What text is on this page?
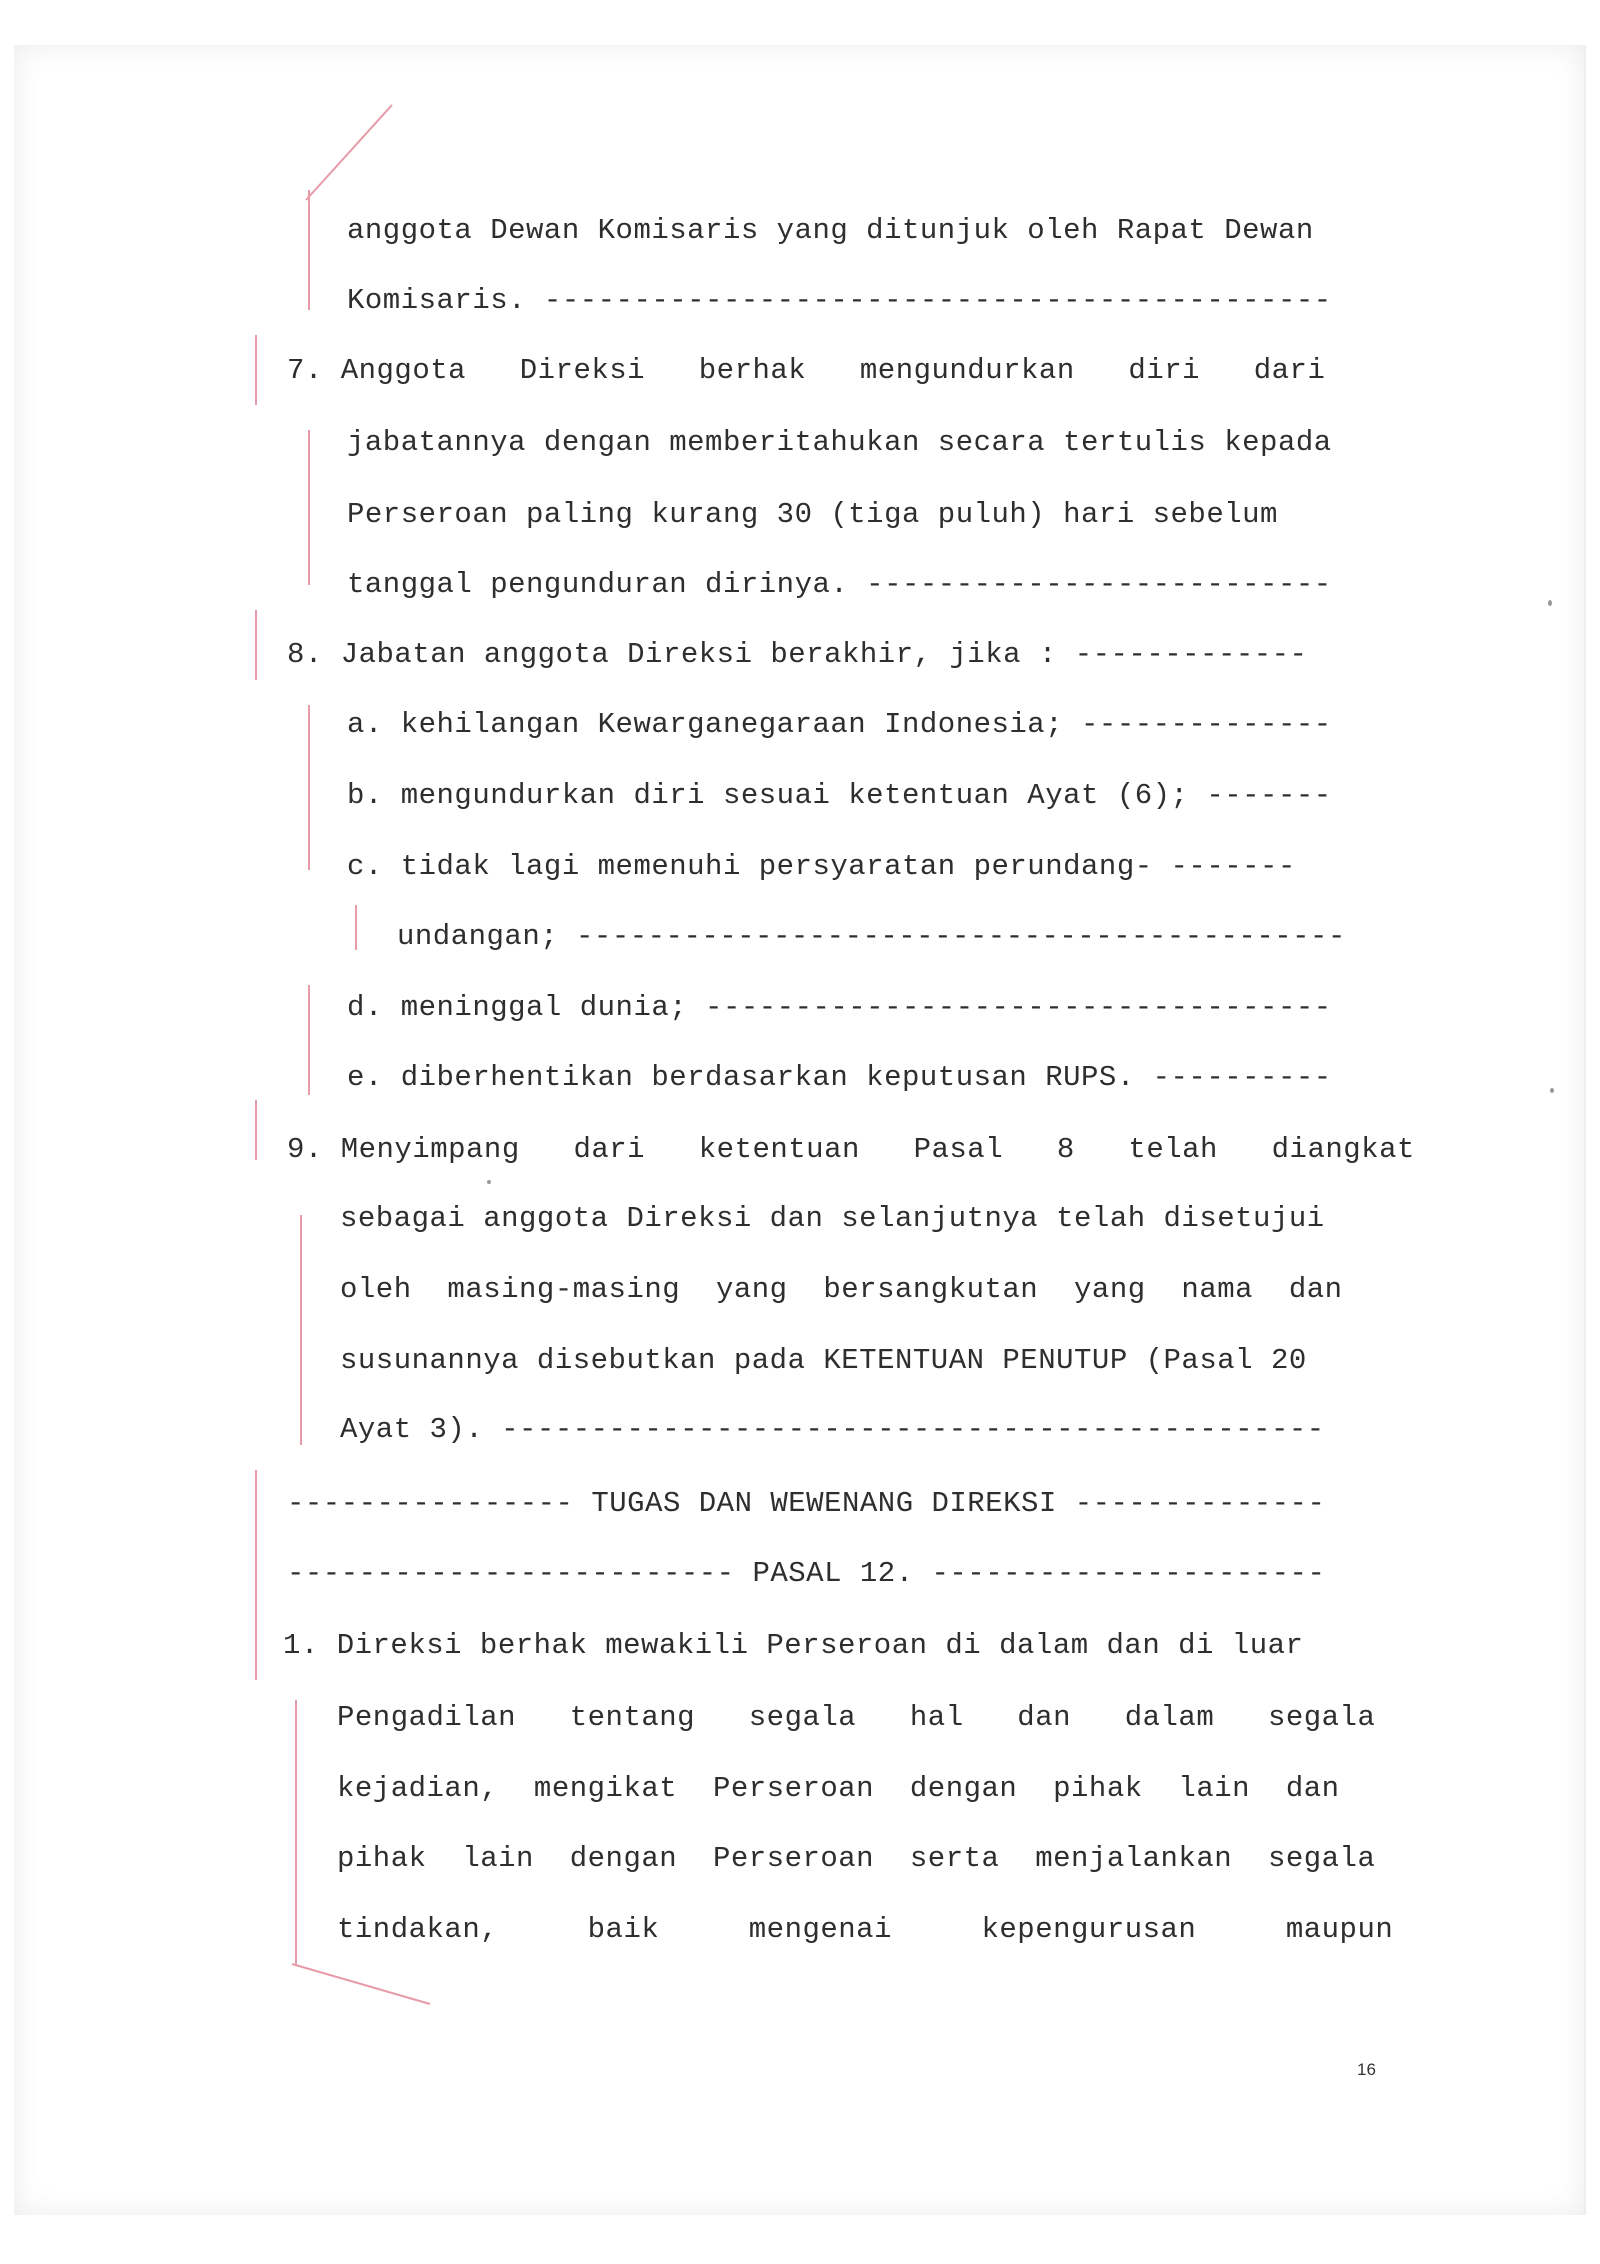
anggota Dewan Komisaris yang ditunjuk oleh Rapat Dewan
Komisaris. --------------------------------------------
7. Anggota   Direksi   berhak   mengundurkan   diri   dari
jabatannya dengan memberitahukan secara tertulis kepada
Perseroan paling kurang 30 (tiga puluh) hari sebelum
tanggal pengunduran dirinya. --------------------------
8. Jabatan anggota Direksi berakhir, jika : -------------
a. kehilangan Kewarganegaraan Indonesia; --------------
b. mengundurkan diri sesuai ketentuan Ayat (6); -------
c. tidak lagi memenuhi persyaratan perundang- -------
undangan; -------------------------------------------
d. meninggal dunia; -----------------------------------
e. diberhentikan berdasarkan keputusan RUPS. ----------
9. Menyimpang   dari   ketentuan   Pasal   8   telah   diangkat
sebagai anggota Direksi dan selanjutnya telah disetujui
oleh  masing-masing  yang  bersangkutan  yang  nama  dan
susunannya disebutkan pada KETENTUAN PENUTUP (Pasal 20
Ayat 3). ----------------------------------------------
---------------- TUGAS DAN WEWENANG DIREKSI --------------
------------------------- PASAL 12. ----------------------
1. Direksi berhak mewakili Perseroan di dalam dan di luar
Pengadilan   tentang   segala   hal   dan   dalam   segala
kejadian,  mengikat  Perseroan  dengan  pihak  lain  dan
pihak  lain  dengan  Perseroan  serta  menjalankan  segala
tindakan,     baik     mengenai     kepengurusan     maupun
16
